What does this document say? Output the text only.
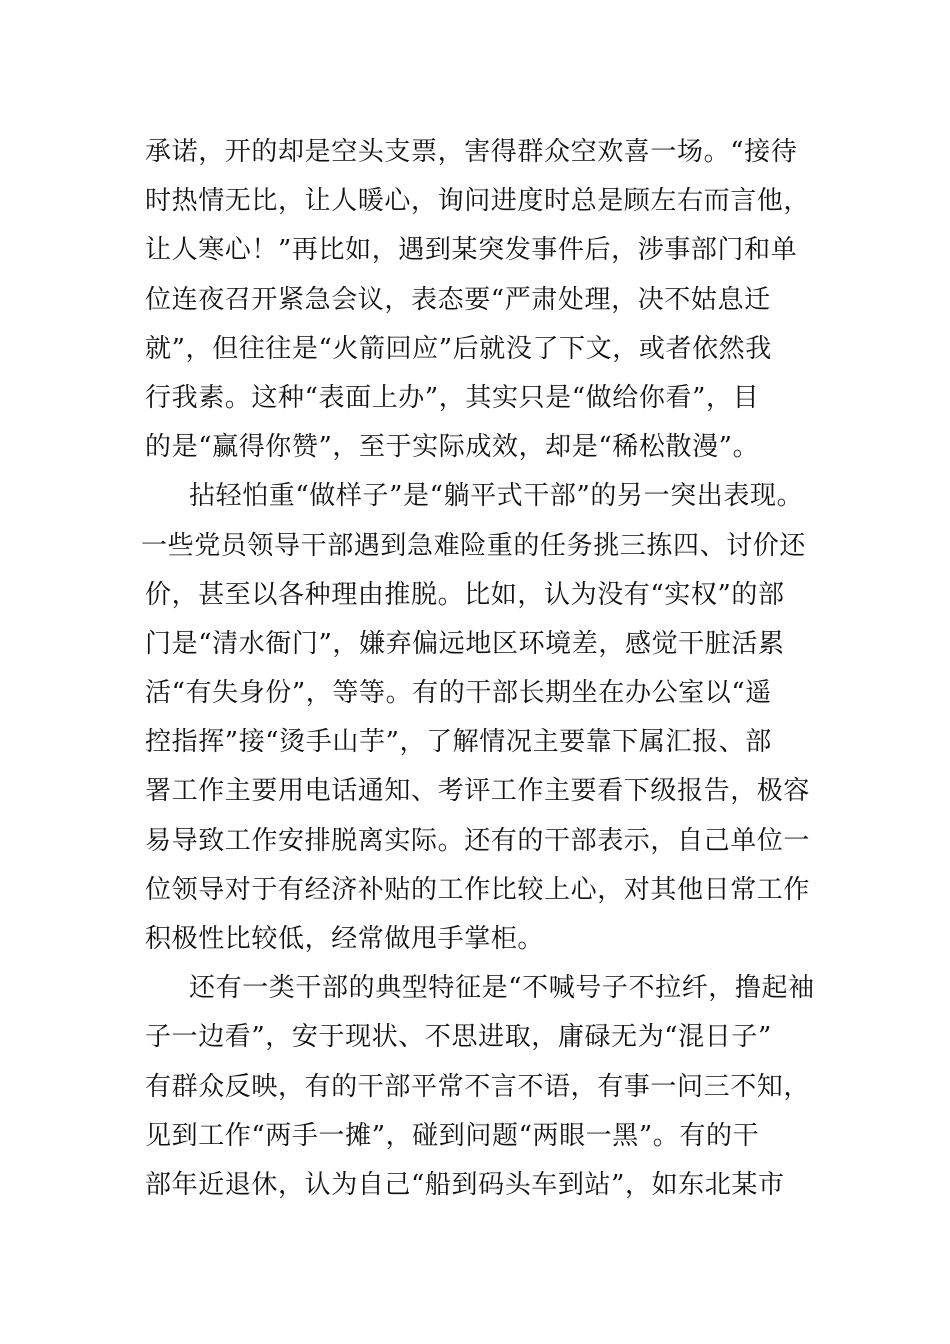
承诺，开的却是空头支票，害得群众空欢喜一场。“接待
时热情无比，让人暖心，询问进度时总是顾左右而言他，
让人寒心！”再比如，遇到某突发事件后，涉事部门和单
位连夜召开紧急会议，表态要“严肃处理，决不姑息迁
就”，但往往是“火箭回应”后就没了下文，或者依然我
行我素。这种“表面上办”，其实只是“做给你看”，目
的是“赢得你赞”，至于实际成效，却是“稀松散漫”。
拈轻怕重“做样子”是“躺平式干部”的另一突出表现。
一些党员领导干部遇到急难险重的任务挑三拣四、讨价还
价，甚至以各种理由推脱。比如，认为没有“实权”的部
门是“清水衙门”，嫌弃偏远地区环境差，感觉干脏活累
活“有失身份”，等等。有的干部长期坐在办公室以“遥
控指挥”接“烫手山芋”，了解情况主要靠下属汇报、部
署工作主要用电话通知、考评工作主要看下级报告，极容
易导致工作安排脱离实际。还有的干部表示，自己单位一
位领导对于有经济补贴的工作比较上心，对其他日常工作
积极性比较低，经常做甩手掌柜。
还有一类干部的典型特征是“不喊号子不拉纤，撸起袖
子一边看”，安于现状、不思进取，庸碌无为“混日子”
有群众反映，有的干部平常不言不语，有事一问三不知，
见到工作“两手一摊”，碰到问题“两眼一黑”。有的干
部年近退休，认为自己“船到码头车到站”，如东北某市
